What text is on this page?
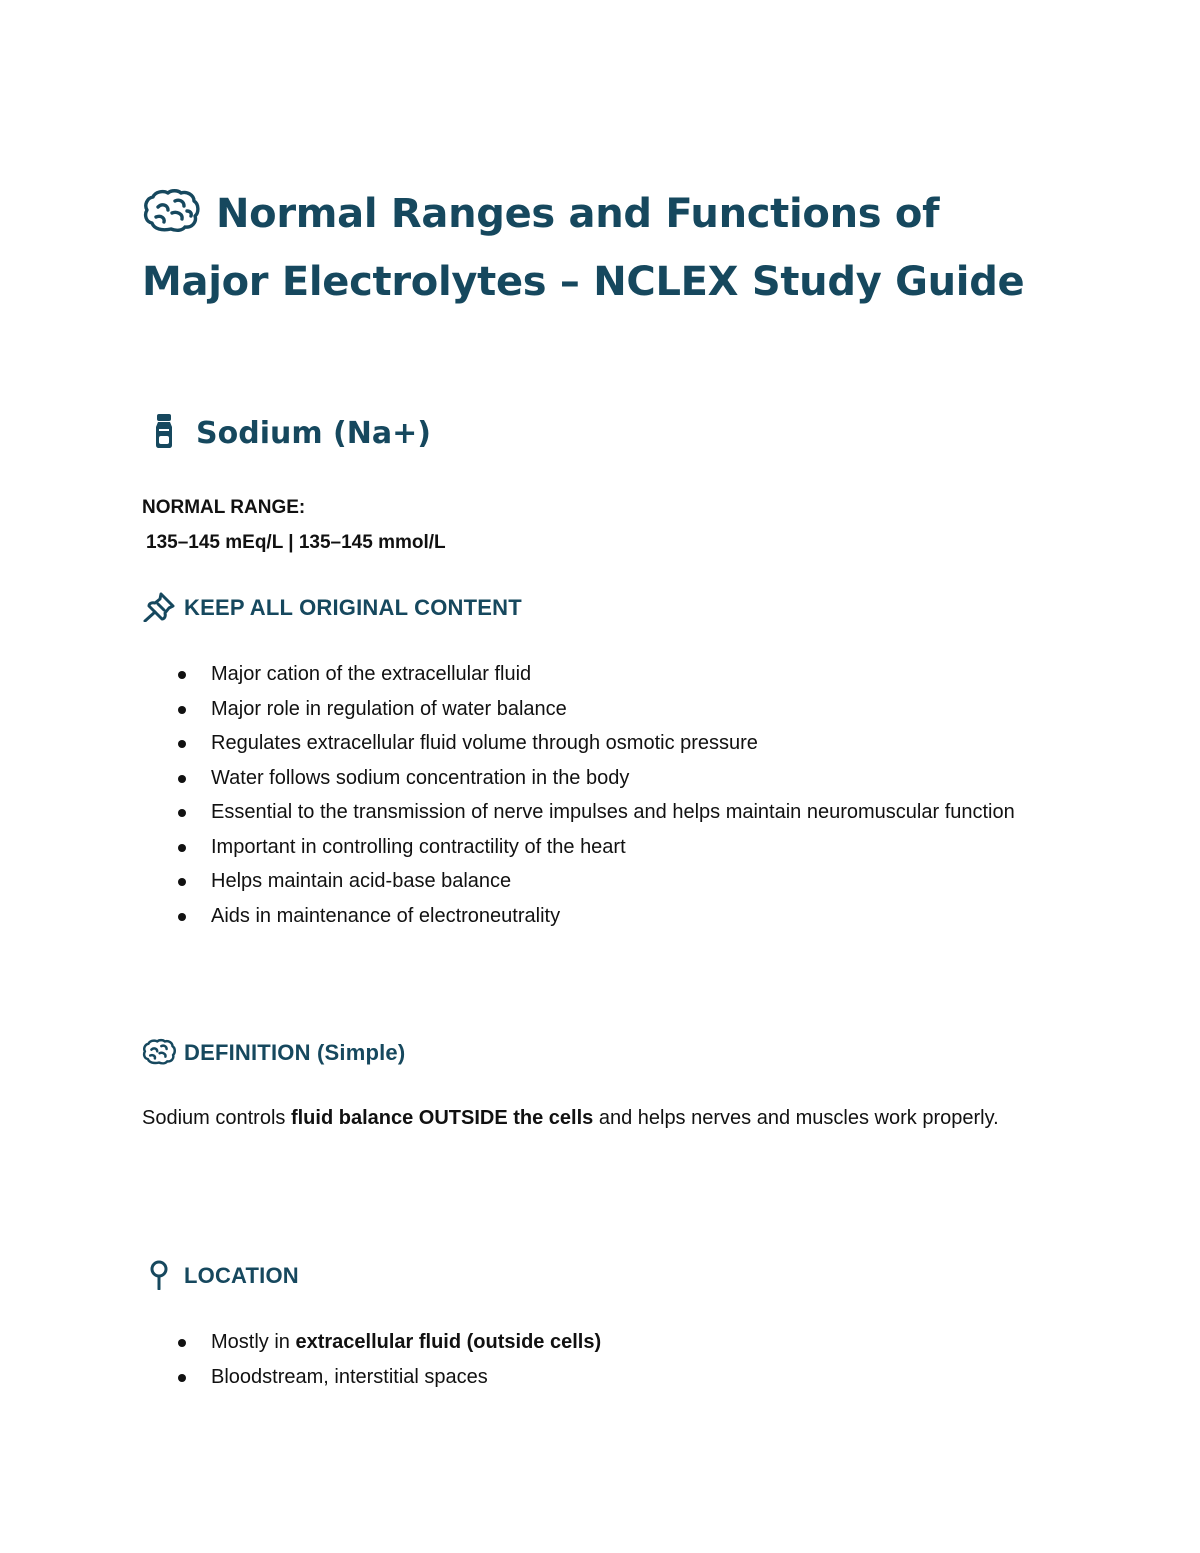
Normal Ranges and Functions of Major Electrolytes – NCLEX Study Guide
Sodium (Na+)

NORMAL RANGE:

135–145 mEq/L | 135–145 mmol/L

KEEP ALL ORIGINAL CONTENT
Major cation of the extracellular fluid
Major role in regulation of water balance
Regulates extracellular fluid volume through osmotic pressure
Water follows sodium concentration in the body
Essential to the transmission of nerve impulses and helps maintain neuromuscular function
Important in controlling contractility of the heart
Helps maintain acid-base balance
Aids in maintenance of electroneutrality
DEFINITION (Simple)

Sodium controls fluid balance OUTSIDE the cells and helps nerves and muscles work properly.

LOCATION
Mostly in extracellular fluid (outside cells)
Bloodstream, interstitial spaces
